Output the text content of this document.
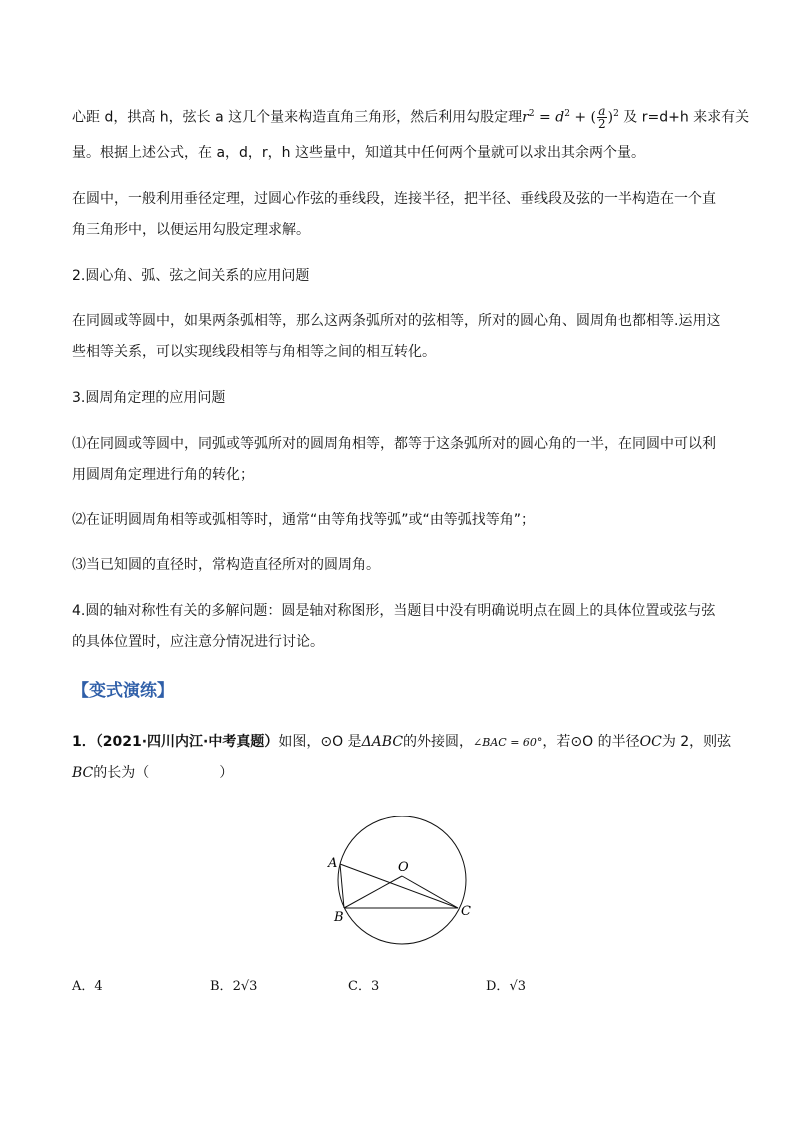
心距 d，拱高 h，弦长 a 这几个量来构造直角三角形，然后利用勾股定理$r^2 = d^2$ + ( $\frac{a}{2} )^2$ 及 r=d+h 来求有关
量。根据上述公式，在 a，d，r，h 这些量中，知道其中任何两个量就可以求出其余两个量。
在圆中，一般利用垂径定理，过圆心作弦的垂线段，连接半径，把半径、垂线段及弦的一半构造在一个直
角三角形中，以便运用勾股定理求解。
2.圆心角、弧、弦之间关系的应用问题
在同圆或等圆中，如果两条弧相等，那么这两条弧所对的弦相等，所对的圆心角、圆周角也都相等.运用这
些相等关系，可以实现线段相等与角相等之间的相互转化。
3.圆周角定理的应用问题
⑴在同圆或等圆中，同弧或等弧所对的圆周角相等，都等于这条弧所对的圆心角的一半，在同圆中可以利
用圆周角定理进行角的转化；
⑵在证明圆周角相等或弧相等时，通常“由等角找等弧”或“由等弧找等角”；
⑶当已知圆的直径时，常构造直径所对的圆周角。
4.圆的轴对称性有关的多解问题：圆是轴对称图形，当题目中没有明确说明点在圆上的具体位置或弦与弦
的具体位置时，应注意分情况进行讨论。
【变式演练】
1．（2021·四川内江·中考真题）如图，⊙O 是ΔABC的外接圆，∠BAC = 60°，若⊙O 的半径OC为 2，则弦
BC的长为（	）
A
B	C
O
A．4	B．2√3	C．3	D．√3
